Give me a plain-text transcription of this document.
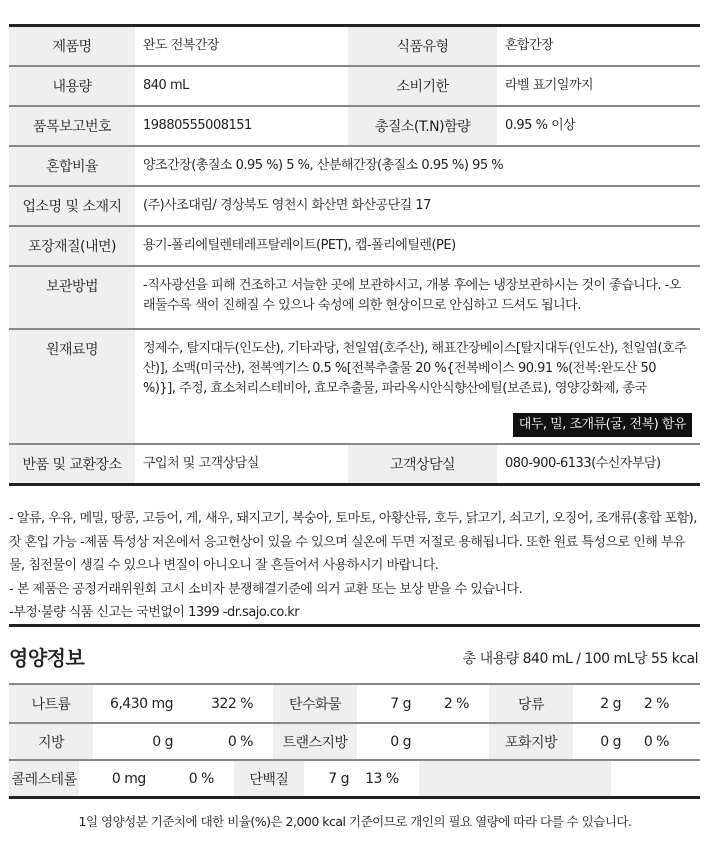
제품명	완도 전복간장	식품유형	혼합간장
내용량	840 mL	소비기한	라벨 표기일까지
품목보고번호	19880555008151	총질소(T.N)함량	0.95 % 이상
혼합비율	양조간장(총질소 0.95 %) 5 %, 산분해간장(총질소 0.95 %) 95 %
업소명 및 소재지	(주)사조대림/ 경상북도 영천시 화산면 화산공단길 17
포장재질(내면)	용기-폴리에틸렌테레프탈레이트(PET), 캡-폴리에틸렌(PE)
보관방법	-직사광선을 피해 건조하고 서늘한 곳에 보관하시고, 개봉 후에는 냉장보관하시는 것이 좋습니다. -오래둘수록 색이 진해질 수 있으나 숙성에 의한 현상이므로 안심하고 드셔도 됩니다.
원재료명	정제수, 탈지대두(인도산), 기타과당, 천일염(호주산), 해표간장베이스[탈지대두(인도산), 천일염(호주산)], 소맥(미국산), 전복엑기스 0.5 %[전복추출물 20 %{전복베이스 90.91 %(전복:완도산 50 %)}], 주정, 효소처리스테비아, 효모추출물, 파라옥시안식향산에틸(보존료), 영양강화제, 종국
대두, 밀, 조개류(굴, 전복) 함유
반품 및 교환장소	구입처 및 고객상담실	고객상담실	080-900-6133(수신자부담)
- 알류, 우유, 메밀, 땅콩, 고등어, 게, 새우, 돼지고기, 복숭아, 토마토, 아황산류, 호두, 닭고기, 쇠고기, 오징어, 조개류(홍합 포함), 잣 혼입 가능 -제품 특성상 저온에서 응고현상이 있을 수 있으며 실온에 두면 저절로 용해됩니다. 또한 원료 특성으로 인해 부유물, 침전물이 생길 수 있으나 변질이 아니오니 잘 흔들어서 사용하시기 바랍니다.
- 본 제품은 공정거래위원회 고시 소비자 분쟁해결기준에 의거 교환 또는 보상 받을 수 있습니다.
-부정·불량 식품 신고는 국번없이 1399 -dr.sajo.co.kr
영양정보	총 내용량 840 mL / 100 mL당 55 kcal
나트륨	6,430 mg	322 %	탄수화물	7 g	2 %	당류	2 g	2 %
지방	0 g	0 %	트랜스지방	0 g	포화지방	0 g	0 %
콜레스테롤	0 mg	0 %	단백질	7 g	13 %
1일 영양성분 기준치에 대한 비율(%)은 2,000 kcal 기준이므로 개인의 필요 열량에 따라 다를 수 있습니다.
